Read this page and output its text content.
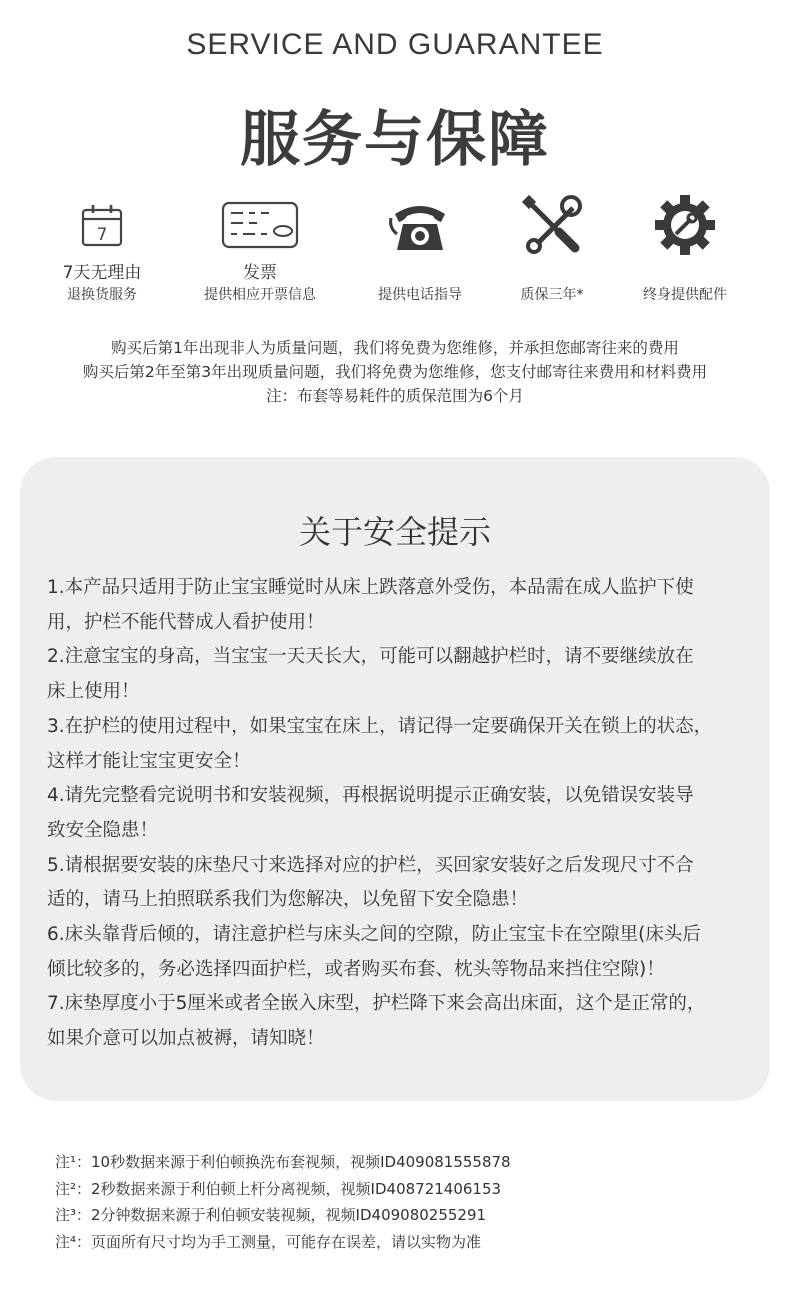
SERVICE AND GUARANTEE
服务与保障
7
7天无理由
退换货服务
发票
提供相应开票信息	提供电话指导	质保三年*	终身提供配件
购买后第1年出现非人为质量问题，我们将免费为您维修，并承担您邮寄往来的费用
购买后第2年至第3年出现质量问题，我们将免费为您维修，您支付邮寄往来费用和材料费用
注：布套等易耗件的质保范围为6个月
关于安全提示
1.本产品只适用于防止宝宝睡觉时从床上跌落意外受伤，本品需在成人监护下使
用，护栏不能代替成人看护使用！
2.注意宝宝的身高，当宝宝一天天长大，可能可以翻越护栏时，请不要继续放在
床上使用！
3.在护栏的使用过程中，如果宝宝在床上，请记得一定要确保开关在锁上的状态，
这样才能让宝宝更安全！
4.请先完整看完说明书和安装视频，再根据说明提示正确安装，以免错误安装导
致安全隐患！
5.请根据要安装的床垫尺寸来选择对应的护栏，买回家安装好之后发现尺寸不合
适的，请马上拍照联系我们为您解决，以免留下安全隐患！
6.床头靠背后倾的，请注意护栏与床头之间的空隙，防止宝宝卡在空隙里(床头后
倾比较多的，务必选择四面护栏，或者购买布套、枕头等物品来挡住空隙)！
7.床垫厚度小于5厘米或者全嵌入床型，护栏降下来会高出床面，这个是正常的，
如果介意可以加点被褥，请知晓！
注¹：10秒数据来源于利伯顿换洗布套视频，视频ID409081555878
注²：2秒数据来源于利伯顿上杆分离视频，视频ID408721406153
注³：2分钟数据来源于利伯顿安装视频，视频ID409080255291
注⁴：页面所有尺寸均为手工测量，可能存在误差，请以实物为准
